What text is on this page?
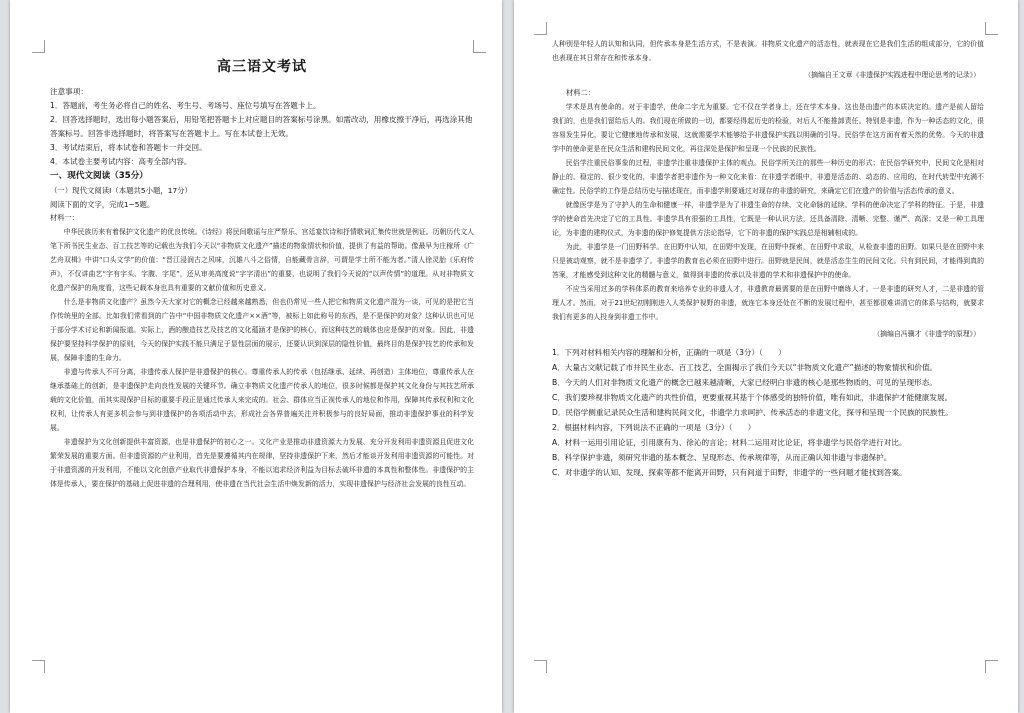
高三语文考试
注意事项：
1．答题前，考生务必将自己的姓名、考生号、考场号、座位号填写在答题卡上。
2．回答选择题时，选出每小题答案后，用铅笔把答题卡上对应题目的答案标号涂黑。如需改动，用橡皮擦干净后，再选涂其他答案标号。回答非选择题时，将答案写在答题卡上。写在本试卷上无效。
3．考试结束后，将本试卷和答题卡一并交回。
4．本试卷主要考试内容：高考全部内容。
一、现代文阅读（35分）
（一）现代文阅读Ⅰ（本题共5小题，17分）
阅读下面的文字，完成1~5题。
材料一：
中华民族历来有着保护文化遗产的优良传统。《诗经》将民间歌谣与庄严祭乐、宫廷宴饮诗和抒情歌词汇集传世就是例证。历朝历代文人笔下所书民生业态、百工技艺等的记载也为我们今天以“非物质文化遗产”描述的物象情状和价值，提供了有益的帮助。像最早为庄稼所《广艺舟双楫》中讲“口头文学”的价值：“晋江浸润古之风味，沉雄八斗之俗情，自能藏骨言辞，可谓是学士所不能为者。”清人徐灵胎《乐府传声》，不仅讲曲艺“字有字头、字腹、字尾”，还从审美高度说“字字清出”的重要，也说明了我们今天说的“以声传情”的道理。从对非物质文化遗产保护的角度看，这些记载本身也具有重要的文献价值和历史意义。
什么是非物质文化遗产？虽然今天大家对它的概念已经越来越熟悉，但也仍常见一些人把它和物质文化遗产混为一谈，可见的是把它当作传统里的全部。比如我们常看到的广告中“中国非物质文化遗产××酒”等，被标上如此称号的东西，是不是保护的对象？这种认识也可见于部分学术讨论和新闻报道。实际上，酒的酿造技艺及技艺的文化蕴涵才是保护的核心，而这种技艺的载体也应是保护的对象。因此，非遗保护要坚持科学保护的原则，今天的保护实践不能只满足于显性层面的展示，还要认识到深层的隐性价值，最终目的是保护技艺的传承和发展，保障非遗的生命力。
非遗与传承人不可分离，非遗传承人保护是非遗保护的核心。尊重传承人的传承（包括继承、延续、再创造）主体地位，尊重传承人在继承基础上的创新，是非遗保护走向良性发展的关键环节。确立非物质文化遗产传承人的地位，很多时候都是保护其文化身份与其技艺所承载的文化价值，而其实现保护目标的重要手段正是通过传承人来完成的。社会、群体应当正视传承人的地位和作用，保障其传承权利和文化权利，让传承人有更多机会参与到非遗保护的各项活动中去，形成社会各界普遍关注并积极参与的良好局面，推动非遗保护事业的科学发展。
非遗保护为文化创新提供丰富资源，也是非遗保护的初心之一。文化产业是推动非遗资源大力发展、充分开发利用非遗资源且促进文化繁荣发展的重要方面。但非遗资源的产业利用，首先是要遵循其内在规律，坚持非遗保护下来，然后才能谈开发利用非遗资源的可能性。对于非遗资源的开发利用，不能以文化创意产业取代非遗保护本身，不能以追求经济利益为目标去破坏非遗的本真性和整体性。非遗保护的主体是传承人，要在保护的基础上促进非遗的合理利用，使非遗在当代社会生活中焕发新的活力，实现非遗保护与经济社会发展的良性互动。
人种别是年轻人的认知和认同，但传承本身是生活方式，不是表演。非物质文化遗产的活态性，就表现在它是我们生活的组成部分，它的价值也表现在其日常存在和传承本身。
（摘编自王文章《非遗保护实践进程中理论思考的记录》）
材料二：
学术是具有使命的。对于非遗学，使命二字尤为重要。它不仅在学者身上，还在学术本身。这也是由遗产的本质决定的。遗产是前人留给我们的，也是我们留给后人的。我们现在所做的一切，都要经得起历史的检验，对后人不能推卸责任。特别是非遗，作为一种活态的文化，很容易发生异化，要让它健康地传承和发展，这就需要学术能够给予非遗保护实践以明确的引导。民俗学在这方面有着天然的优势。今天的非遗学中的使命更是在民众生活和建构民间文化，再往深处是保护和呈现一个民族的民族性。
民俗学注重民俗事象的过程，非遗学注重非遗保护主体的观点。民俗学所关注的那些一种历史的形式；在民俗学研究中，民间文化是相对静止的、稳定的、很少变化的，非遗学者把非遗作为一种文化来看：在非遗学者眼中，非遗是活态的、动态的、应用的，在时代转型中充满不确定性。民俗学的工作是总结历史与描述现在，而非遗学则要通过对现存的非遗的研究，来确定它们在遗产的价值与活态传承的意义。
就像医学是为了守护人的生命和健康一样，非遗学是为了非遗生命的存续、文化命脉的延续。学科的使命决定了学科的特征。于是，非遗学的使命首先决定了它的工具性。非遗学具有很强的工具性，它既是一种认识方法，还具备清除、清晰、完整、谨严、高深；又是一种工具理论，为非遗的建构仪式，为非遗的保护修复提供方法论指导，它下的非遗的保护实践总是相辅相成的。
为此，非遗学是一门田野科学。在田野中认知，在田野中发现，在田野中探索，在田野中求取，从检查非遗的田野。如果只是在田野中来只是被动观察，就不是非遗学了。非遗学的教育也必须在田野中进行。田野就是民间，就是活态生生的民间文化。只有到民间，才能得到真的答案，才能感受到这种文化的精髓与意义，做得到非遗的传承以及非遗的学术和非遗保护中的使命。
不应当采用过多的学科体系的教育来培养专业的非遗人才，非遗教育最需要的是在田野中磨练人才。一是非遗的研究人才，二是非遗的管理人才。然而，对于21世纪初刚刚进入人类保护视野的非遗，就连它本身还处在不断的发展过程中，甚至都很难讲清它的体系与结构，就要求我们有更多的人投身到非遗工作中。
（摘编自冯骥才《非遗学的原理》）
1．下列对材料相关内容的理解和分析，正确的一项是（3分）（　　）
A．大量古文献记载了市井民生业态、百工技艺，全面揭示了我们今天以“非物质文化遗产”描述的物象情状和价值。
B．今天的人们对非物质文化遗产的概念已越来越清晰，大家已经明白非遗的核心是那些物质的、可见的呈现形态。
C．我们要珍视非物质文化遗产的共性价值，更要重视其基于个体感受的独特价值，唯有如此，非遗保护才能健康发展。
D．民俗学侧重记录民众生活和建构民间文化，非遗学力求呵护、传承活态的非遗文化，探寻和呈现一个民族的民族性。
2．根据材料内容，下列说法不正确的一项是（3分）（　　）
A．材料一运用引用论证，引用康有为、徐沁的言论；材料二运用对比论证，将非遗学与民俗学进行对比。
B．科学保护非遗，须研究非遗的基本概念、呈现形态、传承规律等，从而正确认知非遗与非遗保护。
C．对非遗学的认知、发现、探索等都不能离开田野，只有间道于田野，非遗学的一些问题才能找到答案。
